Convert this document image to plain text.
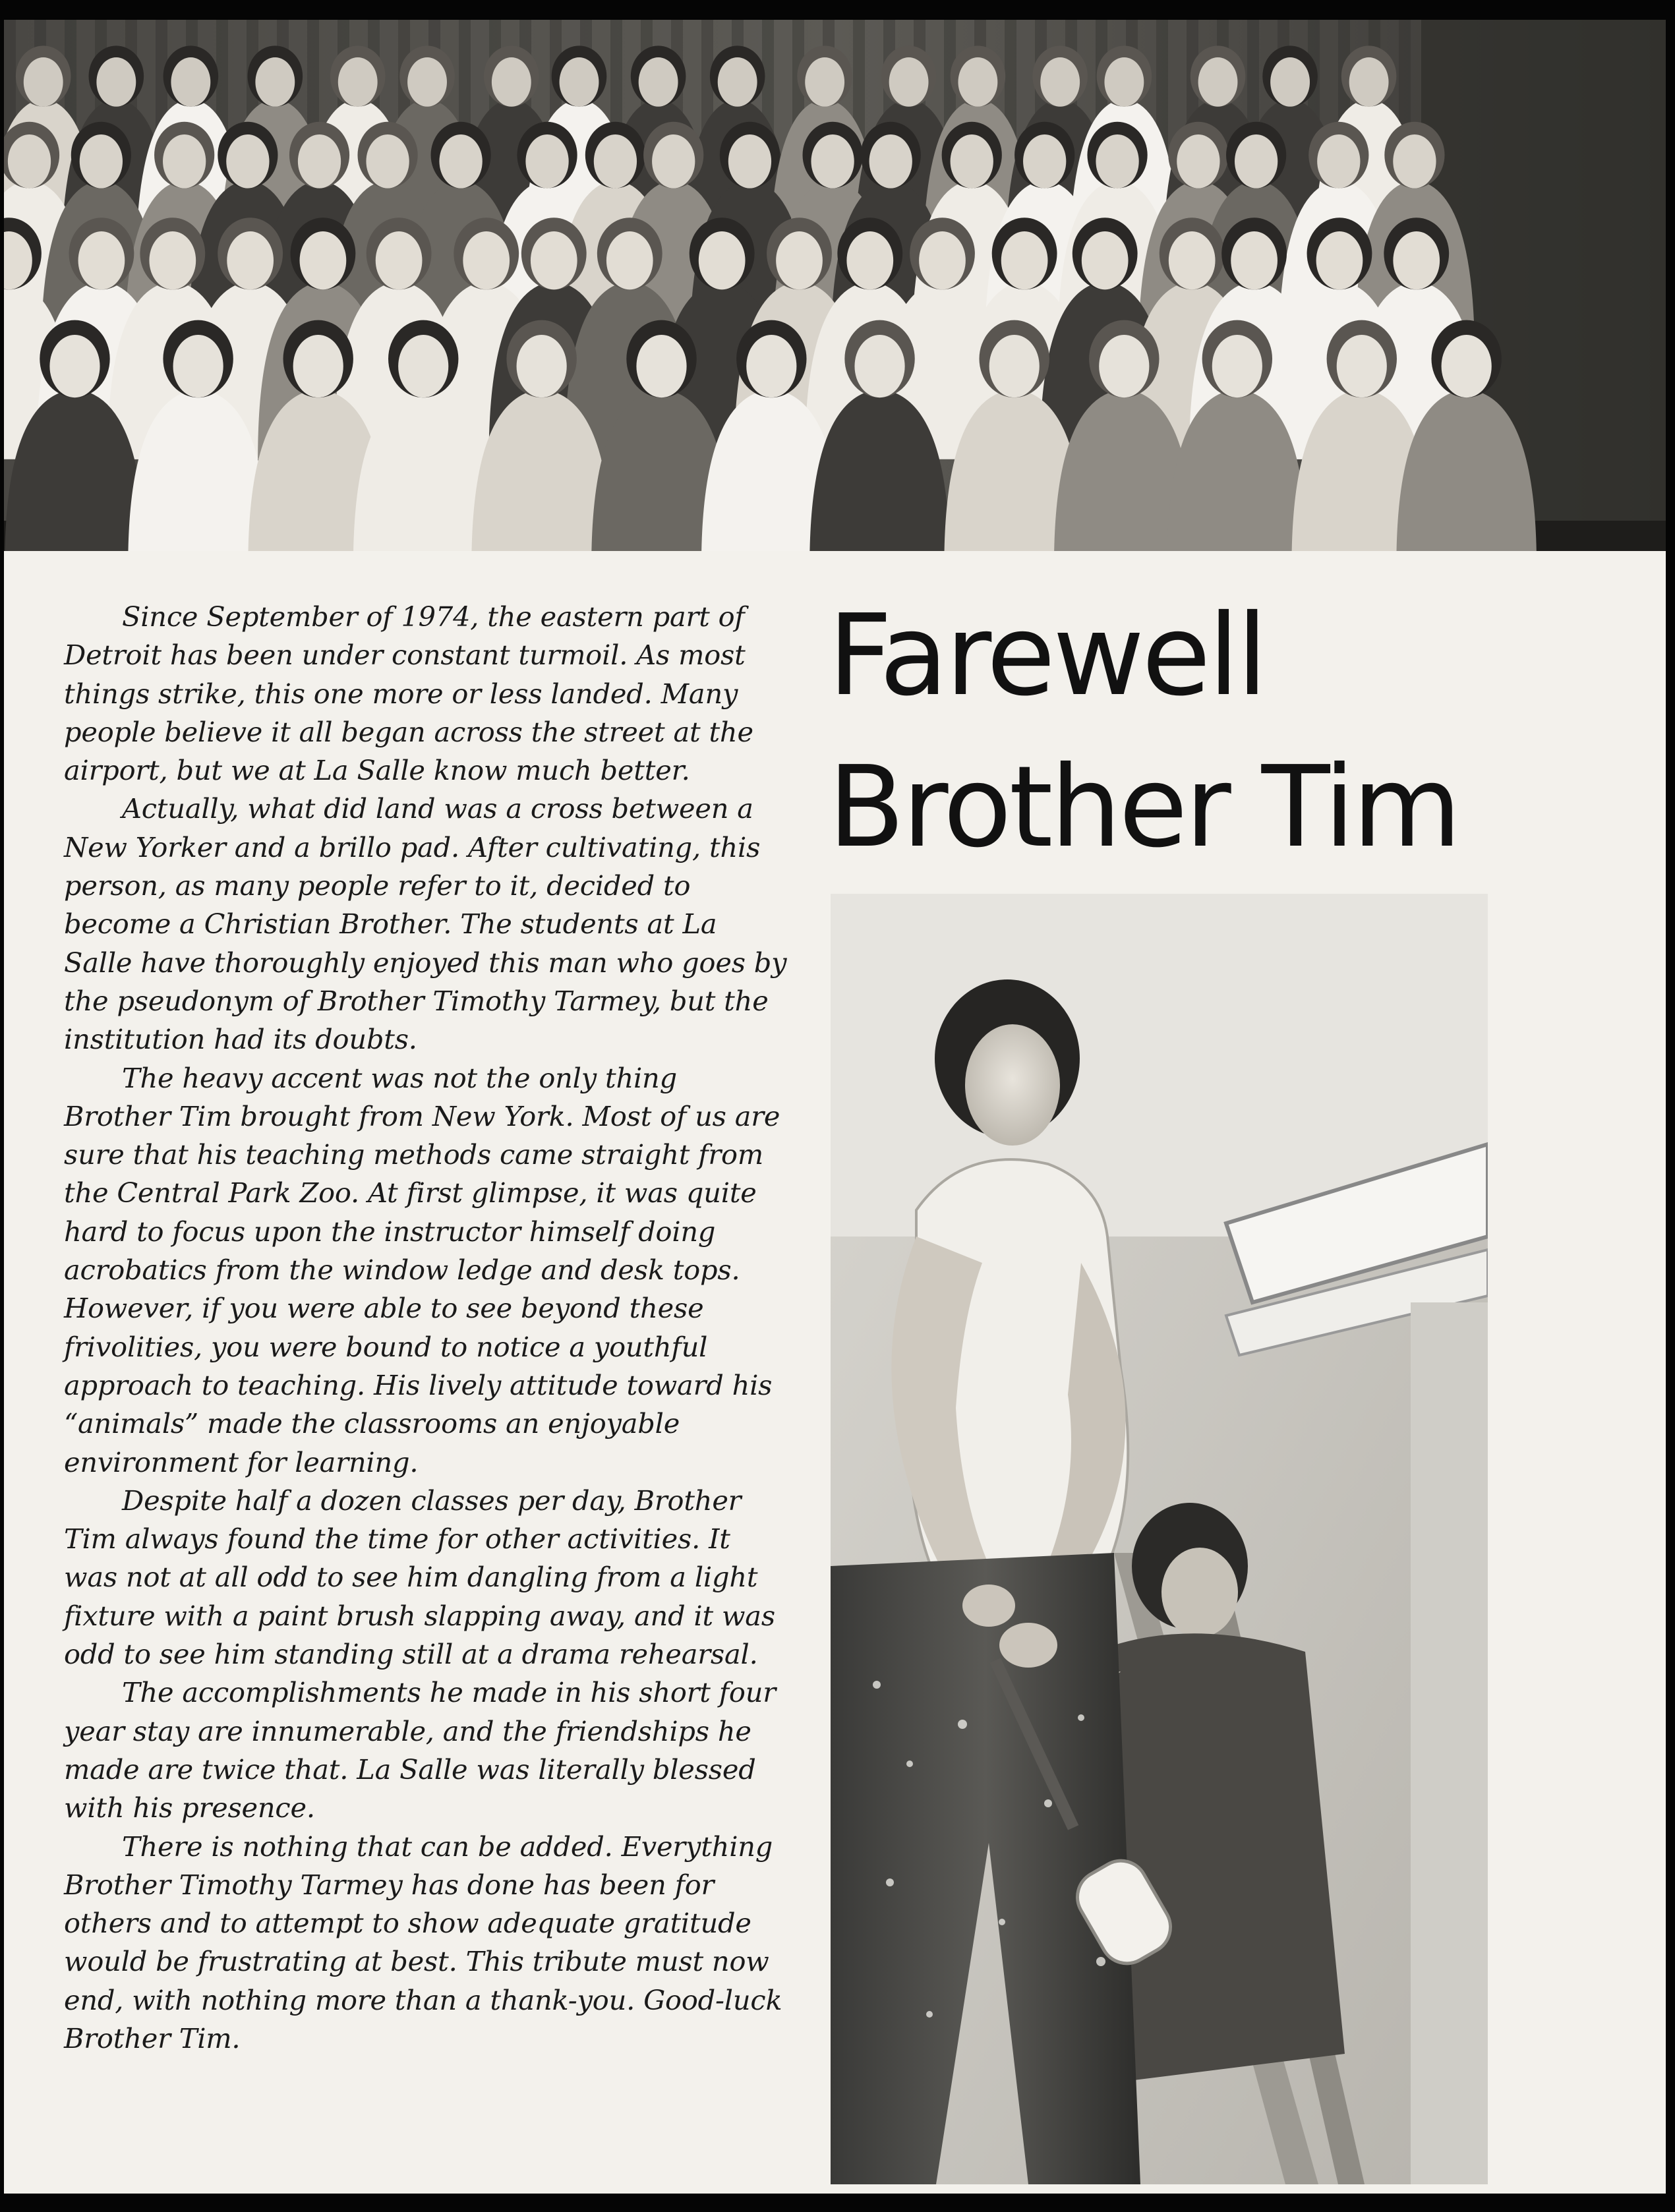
Since September of 1974, the eastern part of Detroit has been under constant turmoil. As most things strike, this one more or less landed. Many people believe it all began across the street at the airport, but we at La Salle know much better.

Actually, what did land was a cross between a New Yorker and a brillo pad. After cultivating, this person, as many people refer to it, decided to become a Christian Brother. The students at La Salle have thoroughly enjoyed this man who goes by the pseudonym of Brother Timothy Tarmey, but the institution had its doubts.

The heavy accent was not the only thing Brother Tim brought from New York. Most of us are sure that his teaching methods came straight from the Central Park Zoo. At first glimpse, it was quite hard to focus upon the instructor himself doing acrobatics from the window ledge and desk tops. However, if you were able to see beyond these frivolities, you were bound to notice a youthful approach to teaching. His lively attitude toward his “animals” made the classrooms an enjoyable environment for learning.

Despite half a dozen classes per day, Brother Tim always found the time for other activities. It was not at all odd to see him dangling from a light fixture with a paint brush slapping away, and it was odd to see him standing still at a drama rehearsal.

The accomplishments he made in his short four year stay are innumerable, and the friendships he made are twice that. La Salle was literally blessed with his presence.

There is nothing that can be added. Everything Brother Timothy Tarmey has done has been for others and to attempt to show adequate gratitude would be frustrating at best. This tribute must now end, with nothing more than a thank-you. Good-luck Brother Tim.

Farewell
Brother Tim
